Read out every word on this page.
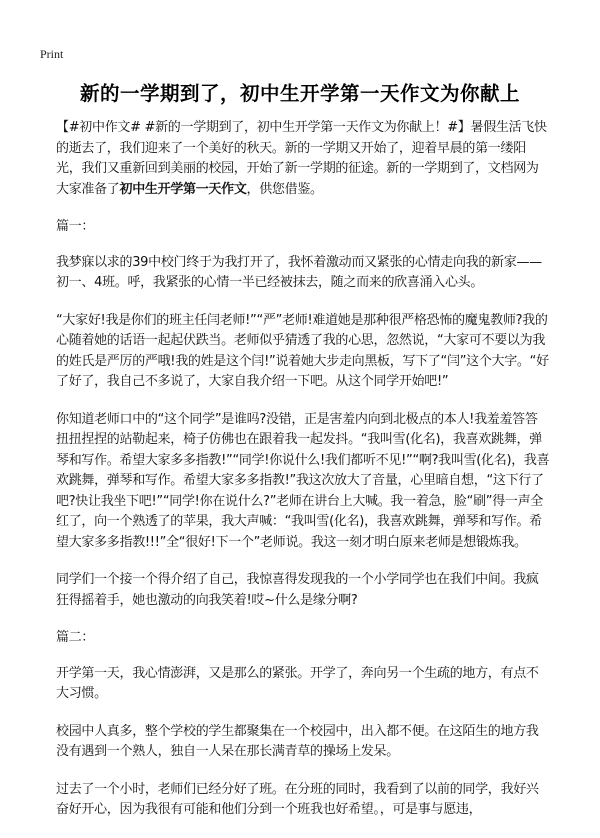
Print
新的一学期到了，初中生开学第一天作文为你献上

【#初中作文# #新的一学期到了，初中生开学第一天作文为你献上！#】暑假生活飞快的逝去了，我们迎来了一个美好的秋天。新的一学期又开始了，迎着早晨的第一缕阳光，我们又重新回到美丽的校园，开始了新一学期的征途。新的一学期到了，文档网为大家准备了初中生开学第一天作文，供您借鉴。

篇一：

我梦寐以求的39中校门终于为我打开了，我怀着激动而又紧张的心情走向我的新家——初一、4班。呼，我紧张的心情一半已经被抹去，随之而来的欣喜涌入心头。

“大家好!我是你们的班主任闫老师!”“严”老师!难道她是那种很严格恐怖的魔鬼教师?我的心随着她的话语一起起伏跌当。老师似乎猜透了我的心思，忽然说，“大家可不要以为我的姓氏是严厉的严哦!我的姓是这个闫!”说着她大步走向黑板，写下了“闫”这个大字。“好了好了，我自己不多说了，大家自我介绍一下吧。从这个同学开始吧!”

你知道老师口中的“这个同学”是谁吗?没错，正是害羞内向到北极点的本人!我羞羞答答扭扭捏捏的站勒起来，椅子仿佛也在跟着我一起发抖。“我叫雪(化名)，我喜欢跳舞，弹琴和写作。希望大家多多指教!”“同学!你说什么!我们都听不见!”“啊?我叫雪(化名)，我喜欢跳舞，弹琴和写作。希望大家多多指教!”我这次放大了音量，心里暗自想，“这下行了吧?快让我坐下吧!”“同学!你在说什么?”老师在讲台上大喊。我一着急，脸“刷”得一声全红了，向一个熟透了的苹果，我大声喊：“我叫雪(化名)，我喜欢跳舞，弹琴和写作。希望大家多多指教!!!”全“很好!下一个”老师说。我这一刻才明白原来老师是想锻炼我。

同学们一个接一个得介绍了自己，我惊喜得发现我的一个小学同学也在我们中间。我疯狂得摇着手，她也激动的向我笑着!哎~什么是缘分啊?

篇二：

开学第一天，我心情澎湃，又是那么的紧张。开学了，奔向另一个生疏的地方，有点不大习惯。

校园中人真多，整个学校的学生都聚集在一个校园中，出入都不便。在这陌生的地方我没有遇到一个熟人，独自一人呆在那长满青草的操场上发呆。

过去了一个小时，老师们已经分好了班。在分班的同时，我看到了以前的同学，我好兴奋好开心，因为我很有可能和他们分到一个班我也好希望。，可是事与愿违，
